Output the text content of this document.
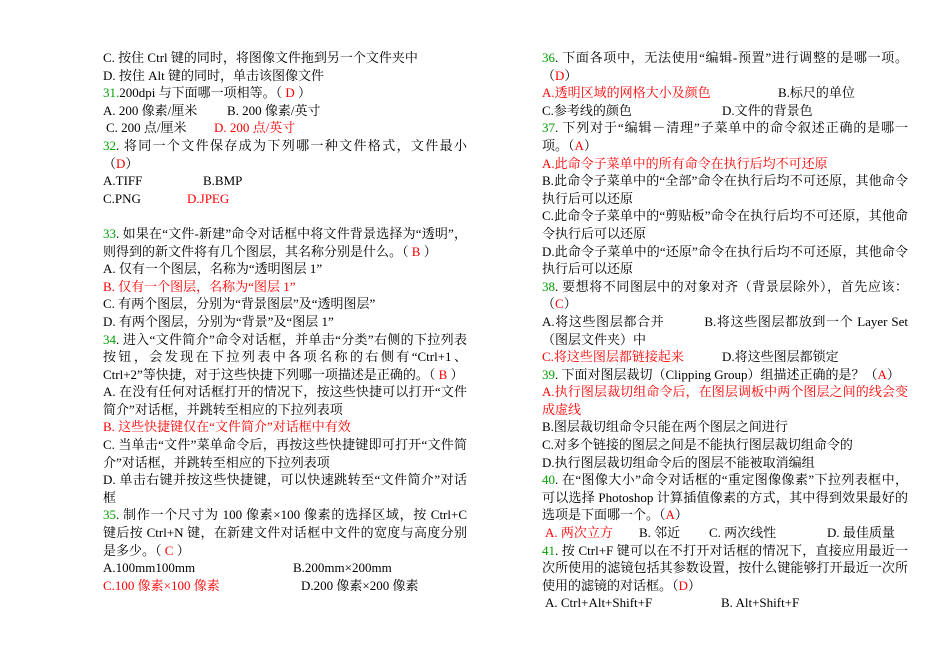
C. 按住 Ctrl 键的同时，将图像文件拖到另一个文件夹中
D. 按住 Alt 键的同时，单击该图像文件
31.200dpi 与下面哪一项相等。（ D ）
A. 200 像素/厘米	B. 200 像素/英寸
C. 200 点/厘米	D. 200 点/英寸
32. 将同一个文件保存成为下列哪一种文件格式，文件最小（D）
A.TIFF	B.BMP
C.PNG	D.JPEG
33. 如果在“文件-新建”命令对话框中将文件背景选择为“透明”，则得到的新文件将有几个图层，其名称分别是什么。（ B ）
A. 仅有一个图层，名称为“透明图层 1”
B. 仅有一个图层，名称为“图层 1”
C. 有两个图层，分别为“背景图层”及“透明图层”
D. 有两个图层，分别为“背景”及“图层 1”
34. 进入“文件简介”命令对话框，并单击“分类”右侧的下拉列表按钮，会发现在下拉列表中各项名称的右侧有“Ctrl+1、Ctrl+2”等快捷，对于这些快捷下列哪一项描述是正确的。（ B ）
A. 在没有任何对话框打开的情况下，按这些快捷可以打开“文件简介”对话框，并跳转至相应的下拉列表项
B. 这些快捷键仅在“文件简介”对话框中有效
C. 当单击“文件”菜单命令后，再按这些快捷键即可打开“文件简介”对话框，并跳转至相应的下拉列表项
D. 单击右键并按这些快捷键，可以快速跳转至“文件简介”对话框
35. 制作一个尺寸为 100 像素×100 像素的选择区域，按 Ctrl+C 键后按 Ctrl+N 键，在新建文件对话框中文件的宽度与高度分别是多少。（ C ）
A.100mm100mm	B.200mm×200mm
C.100 像素×100 像素	D.200 像素×200 像素
36. 下面各项中，无法使用“编辑-预置”进行调整的是哪一项。（D）
A.透明区域的网格大小及颜色	B.标尺的单位
C.参考线的颜色	D.文件的背景色
37. 下列对于“编辑－清理”子菜单中的命令叙述正确的是哪一项。（A）
A.此命令子菜单中的所有命令在执行后均不可还原
B.此命令子菜单中的“全部”命令在执行后均不可还原，其他命令执行后可以还原
C.此命令子菜单中的“剪贴板”命令在执行后均不可还原，其他命令执行后可以还原
D.此命令子菜单中的“还原”命令在执行后均不可还原，其他命令执行后可以还原
38. 要想将不同图层中的对象对齐（背景层除外），首先应该：（C）
A.将这些图层都合并	B.将这些图层都放到一个 Layer Set（图层文件夹）中
C.将这些图层都链接起来	D.将这些图层都锁定
39. 下面对图层裁切（Clipping Group）组描述正确的是？（A）
A.执行图层裁切组命令后，在图层调板中两个图层之间的线会变成虚线
B.图层裁切组命令只能在两个图层之间进行
C.对多个链接的图层之间是不能执行图层裁切组命令的
D.执行图层裁切组命令后的图层不能被取消编组
40. 在“图像大小”命令对话框的“重定图像像素”下拉列表框中，可以选择 Photoshop 计算插值像素的方式，其中得到效果最好的选项是下面哪一个。（A）
A. 两次立方	B. 邻近	C. 两次线性	D. 最佳质量
41. 按 Ctrl+F 键可以在不打开对话框的情况下，直接应用最近一次所使用的滤镜包括其参数设置，按什么键能够打开最近一次所使用的滤镜的对话框。（D）
A. Ctrl+Alt+Shift+F	B. Alt+Shift+F
